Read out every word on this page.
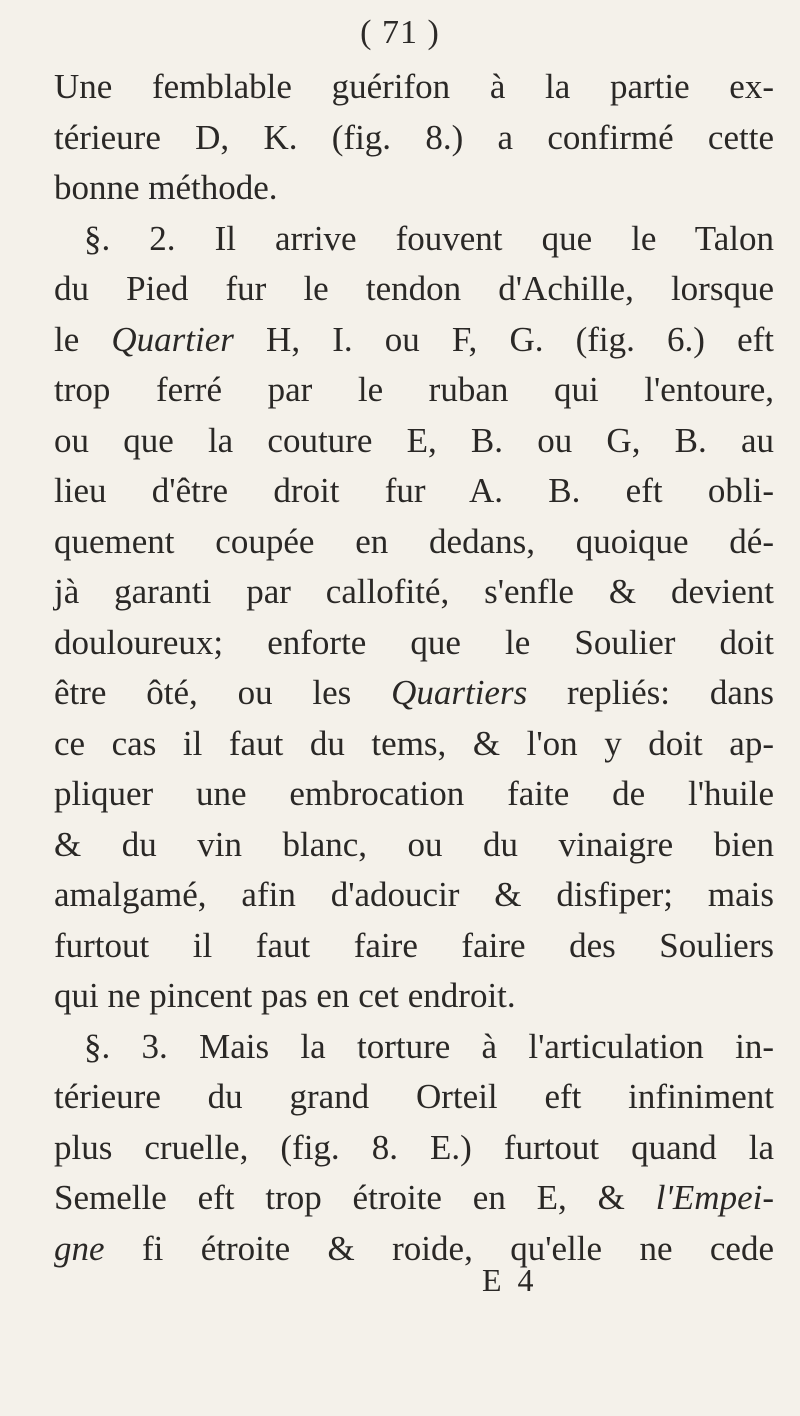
( 71 )
Une femblable guérifon à la partie ex-
térieure D, K. (fig. 8.) a confirmé cette
bonne méthode.
§. 2. Il arrive fouvent que le Talon
du Pied fur le tendon d'Achille, lorsque
le Quartier H, I. ou F, G. (fig. 6.) eft
trop ferré par le ruban qui l'entoure,
ou que la couture E, B. ou G, B. au
lieu d'être droit fur A. B. eft obli-
quement coupée en dedans, quoique dé-
jà garanti par callofité, s'enfle & devient
douloureux; enforte que le Soulier doit
être ôté, ou les Quartiers repliés: dans
ce cas il faut du tems, & l'on y doit ap-
pliquer une embrocation faite de l'huile
& du vin blanc, ou du vinaigre bien
amalgamé, afin d'adoucir & disfiper; mais
furtout il faut faire faire des Souliers
qui ne pincent pas en cet endroit.
§. 3. Mais la torture à l'articulation in-
térieure du grand Orteil eft infiniment
plus cruelle, (fig. 8. E.) furtout quand la
Semelle eft trop étroite en E, & l'Empei-
gne fi étroite & roide, qu'elle ne cede
E 4
